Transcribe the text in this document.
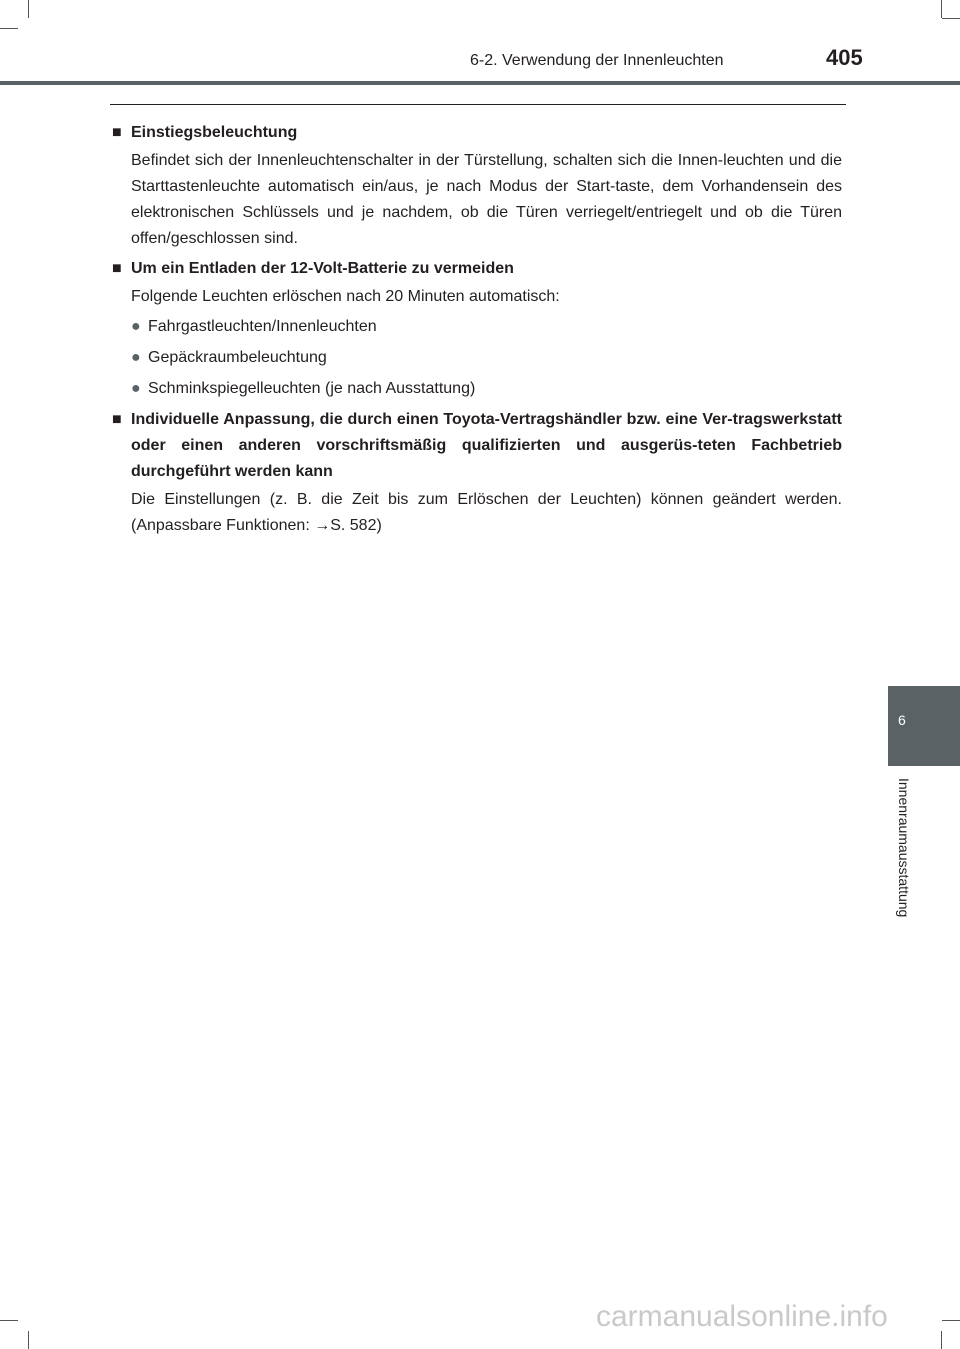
6-2. Verwendung der Innenleuchten	405
6
Innenraumausstattung
■ Einstiegsbeleuchtung
Befindet sich der Innenleuchtenschalter in der Türstellung, schalten sich die Innen-leuchten und die Starttastenleuchte automatisch ein/aus, je nach Modus der Start-taste, dem Vorhandensein des elektronischen Schlüssels und je nachdem, ob die Türen verriegelt/entriegelt und ob die Türen offen/geschlossen sind.
■ Um ein Entladen der 12-Volt-Batterie zu vermeiden
Folgende Leuchten erlöschen nach 20 Minuten automatisch:
● Fahrgastleuchten/Innenleuchten
● Gepäckraumbeleuchtung
● Schminkspiegelleuchten (je nach Ausstattung)
■ Individuelle Anpassung, die durch einen Toyota-Vertragshändler bzw. eine Ver-tragswerkstatt oder einen anderen vorschriftsmäßig qualifizierten und ausgerüs-teten Fachbetrieb durchgeführt werden kann
Die Einstellungen (z. B. die Zeit bis zum Erlöschen der Leuchten) können geändert werden. (Anpassbare Funktionen: →S. 582)
carmanualsonline.info
